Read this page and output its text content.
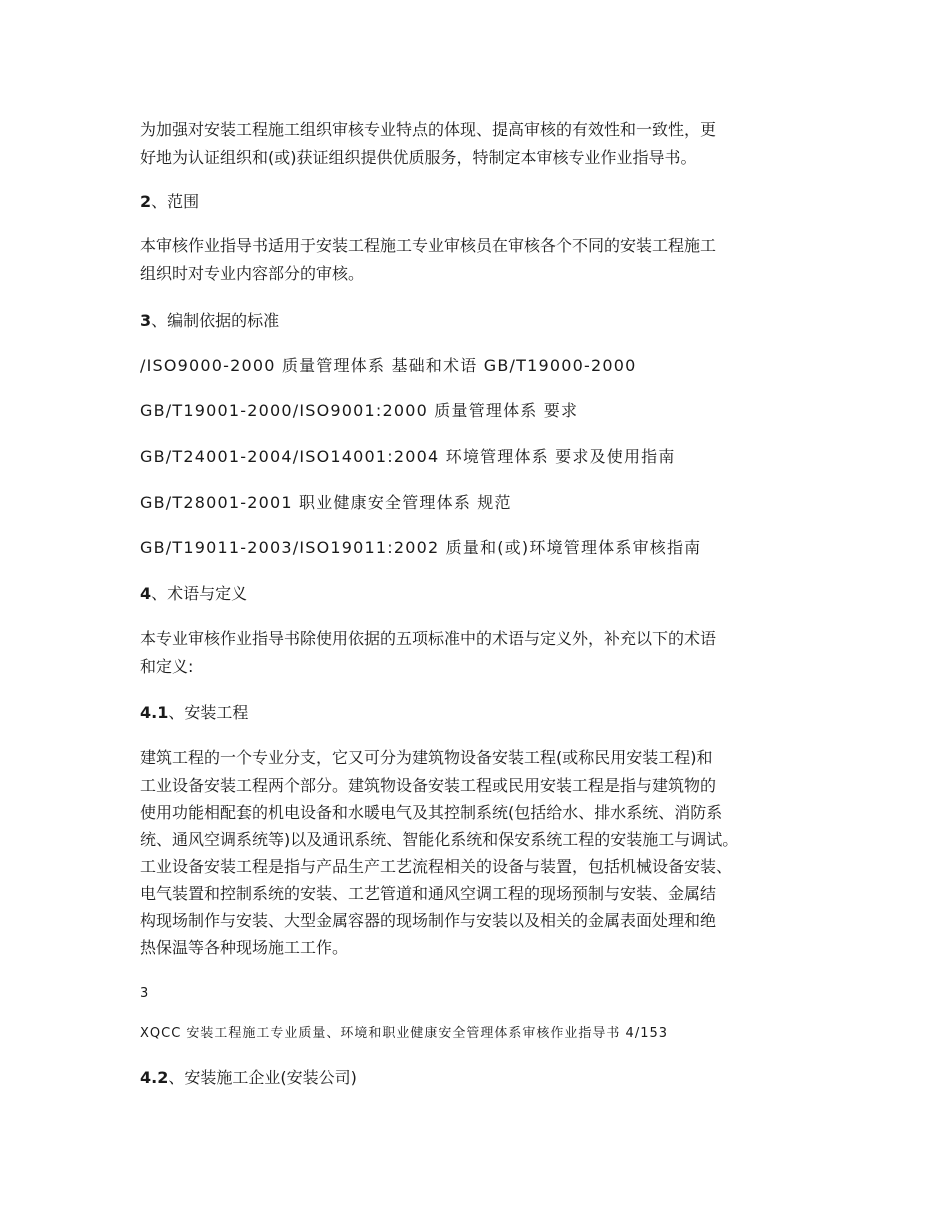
为加强对安装工程施工组织审核专业特点的体现、提高审核的有效性和一致性，更
好地为认证组织和(或)获证组织提供优质服务，特制定本审核专业作业指导书。
2、范围
本审核作业指导书适用于安装工程施工专业审核员在审核各个不同的安装工程施工
组织时对专业内容部分的审核。
3、编制依据的标准
/ISO9000-2000 质量管理体系 基础和术语 GB/T19000-2000
GB/T19001-2000/ISO9001:2000 质量管理体系 要求
GB/T24001-2004/ISO14001:2004 环境管理体系 要求及使用指南
GB/T28001-2001 职业健康安全管理体系 规范
GB/T19011-2003/ISO19011:2002 质量和(或)环境管理体系审核指南
4、术语与定义
本专业审核作业指导书除使用依据的五项标准中的术语与定义外，补充以下的术语
和定义:
4.1、安装工程
建筑工程的一个专业分支，它又可分为建筑物设备安装工程(或称民用安装工程)和
工业设备安装工程两个部分。建筑物设备安装工程或民用安装工程是指与建筑物的
使用功能相配套的机电设备和水暖电气及其控制系统(包括给水、排水系统、消防系
统、通风空调系统等)以及通讯系统、智能化系统和保安系统工程的安装施工与调试。
工业设备安装工程是指与产品生产工艺流程相关的设备与装置，包括机械设备安装、
电气装置和控制系统的安装、工艺管道和通风空调工程的现场预制与安装、金属结
构现场制作与安装、大型金属容器的现场制作与安装以及相关的金属表面处理和绝
热保温等各种现场施工工作。
3
XQCC 安装工程施工专业质量、环境和职业健康安全管理体系审核作业指导书 4/153
4.2、安装施工企业(安装公司)
